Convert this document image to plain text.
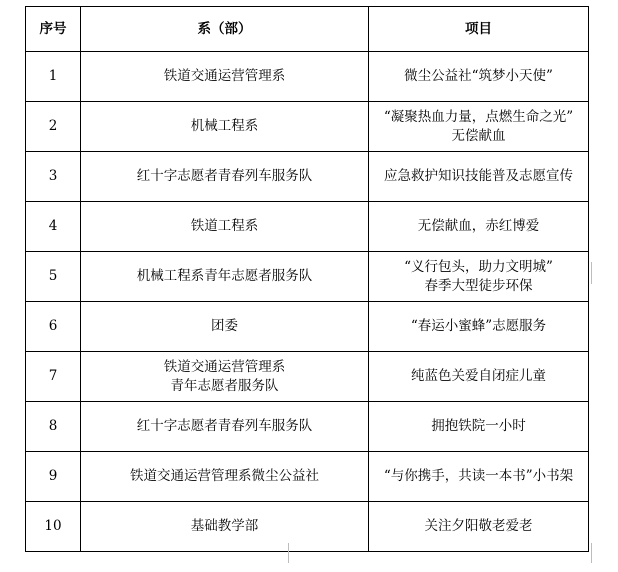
序号	系（部）	项目
1	铁道交通运营管理系	微尘公益社“筑梦小天使”

2	机械工程系	“凝聚热血力量，点燃生命之光”
无偿献血

3	红十字志愿者青春列车服务队	应急救护知识技能普及志愿宣传

4	铁道工程系	无偿献血，赤红博爱

5	机械工程系青年志愿者服务队	“义行包头，助力文明城”
春季大型徒步环保

6	团委	“春运小蜜蜂”志愿服务

7	铁道交通运营管理系
青年志愿者服务队	纯蓝色关爱自闭症儿童

8	红十字志愿者青春列车服务队	拥抱铁院一小时

9	铁道交通运营管理系微尘公益社	“与你携手，共读一本书”小书架

10	基础教学部	关注夕阳敬老爱老
